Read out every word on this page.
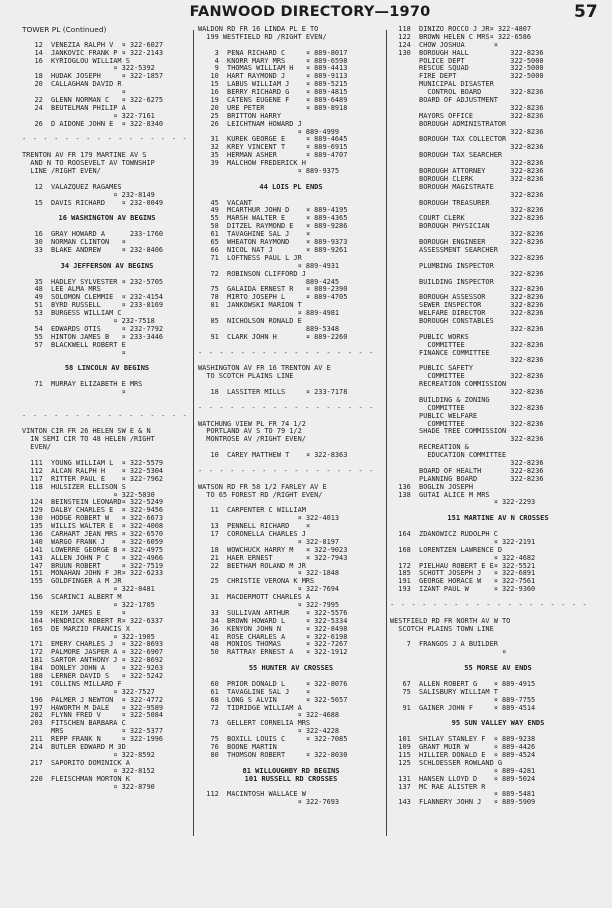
FANWOOD DIRECTORY—1970	57
TOWER PL (Continued)
12  VENEZIA RALPH V  ¤ 322-6027
14  JANKOVIC FRANK P ¤ 322-2143
16  KYRIOGLOU WILLIAM S
¤ 322-5392
18  HUDAK JOSEPH     ¤ 322-1857
20  CALLAGHAN DAVID R
¤
22  GLENN NORMAN C   ¤ 322-6275
24  BEUTELMAN PHILIP A
¤ 322-7161
26  D AIDONE JOHN E  ¤ 322-8340
- - - - - - - - - - - - - - - -
TRENTON AV FR 179 MARTINE AV S
AND N TO ROOSEVELT AV TOWNSHIP
LINE /RIGHT EVEN/
12  VALAZQUEZ RAGAMES
¤ 232-8149
15  DAVIS RICHARD    ¤ 232-0049
16 WASHINGTON AV BEGINS
16  GRAY HOWARD A      233-1760
30  NORMAN CLINTON   ¤
33  BLAKE ANDREW     ¤ 232-8406
34 JEFFERSON AV BEGINS
35  HADLEY SYLVESTER ¤ 232-5705
48  LEE ALMA MRS
49  SOLOMON CLEMMIE  ¤ 232-4154
51  BYRD RUSSELL     ¤ 233-8169
53  BURGESS WILLIAM C
¤ 232-7518
54  EDWARDS OTIS     ¤ 232-7792
55  HINTON JAMES B   ¤ 233-3446
57  BLACKWELL ROBERT E
¤
58 LINCOLN AV BEGINS
71  MURRAY ELIZABETH E MRS
¤
- - - - - - - - - - - - - - - -
VINTON CIR FR 26 HELEN SW E & N
IN SEMI CIR TO 48 HELEN /RIGHT
EVEN/
111  YOUNG WILLIAM L  ¤ 322-5579
112  ALCAN RALPH H    ¤ 322-5304
117  RITTER PAUL E    ¤ 322-7962
118  HULSIZER ELLISON S
¤ 322-5030
124  BEINSTEIN LEONARD¤ 322-5249
129  DALBY CHARLES E  ¤ 322-9456
130  HODGE ROBERT W   ¤ 322-6673
135  WILLIS WALTER E  ¤ 322-4008
136  CARHART JEAN MRS ¤ 322-6570
140  WARGO FRANK J    ¤ 322-6059
141  LOWERRE GEORGE B ¤ 322-4975
143  ALLEN JOHN P C   ¤ 322-4966
147  BRUUN ROBERT     ¤ 322-7519
151  MONAHAN JOHN F JR¤ 322-6233
155  GOLDFINGER A M JR
¤ 322-8481
156  SCARINCI ALBERT M
¤ 322-1705
159  KEIM JAMES E     ¤
164  HENDRICK ROBERT R¤ 322-6337
165  DE MARZIO FRANCIS X
¤ 322-1905
171  EMERY CHARLES J  ¤ 322-8693
172  PALMORE JASPER A ¤ 322-6907
181  SARTOR ANTHONY J ¤ 322-8692
184  DONLEY JOHN A    ¤ 322-9263
188  LERNER DAVID S   ¤ 322-5242
191  COLLINS MILLARD F
¤ 322-7527
196  PALMER J NEWTON  ¤ 322-4772
197  HAWORTH M DALE   ¤ 322-9589
202  FLYNN FRED V     ¤ 322-5084
203  FITSCHEN BARBARA C
MRS              ¤ 322-5377
211  REPP FRANK N     ¤ 322-1996
214  BUTLER EDWARD M 3D
¤ 322-8592
217  SAPORITO DOMINICK A
¤ 322-8152
220  FLEISCHMAN MORTON K
¤ 322-8790
WALDON RD FR 16 LINDA PL E TO
199 WESTFIELD RD /RIGHT EVEN/
3  PENA RICHARD C     ¤ 889-8017
4  KNORR MARY MRS     ¤ 889-6598
9  THOMAS WILLIAM H   ¤ 889-4413
10  HART RAYMOND J     ¤ 889-9113
15  LABUS WILLIAM J    ¤ 889-5215
16  BERRY RICHARD G    ¤ 889-4815
19  CATENS EUGENE F    ¤ 889-6489
20  URE PETER          ¤ 889-8918
25  BRITTON HARRY
26  LEICHTNAM HOWARD J
¤ 889-4999
31  KUREK GEORGE E     ¤ 889-4645
32  KREY VINCENT T     ¤ 889-6915
35  HERMAN ASHER       ¤ 889-4707
39  MALCHOW FREDERICK H
¤ 889-9375
44 LOIS PL ENDS
45  VACANT
49  MCARTHUR JOHN D    ¤ 889-4195
55  MARSH WALTER E     ¤ 889-4365
58  DITZEL RAYMOND E   ¤ 889-9286
61  TAVAGHINE SAL J    ¤
65  WHEATON RAYMOND    ¤ 889-9373
66  NICOL NAT J        ¤ 889-9261
71  LOFTNESS PAUL L JR
¤ 889-4931
72  ROBINSON CLIFFORD J
889-4245
75  GALAIDA ERNEST R   ¤ 889-2390
78  MIRTO JOSEPH L     ¤ 889-4705
81  JANKOWSKI MARION T
¤ 889-4981
85  NICHOLSON RONALD E
889-5348
91  CLARK JOHN H       ¤ 889-2260
- - - - - - - - - - - - - - - - -
WASHINGTON AV FR 16 TRENTON AV E
TO SCOTCH PLAINS LINE
18  LASSITER MILLS     ¤ 233-7178
- - - - - - - - - - - - - - - - -
WATCHUNG VIEW PL FR 74 1/2
PORTLAND AV S TO 79 1/2
MONTROSE AV /RIGHT EVEN/
10  CAREY MATTHEW T    ¤ 322-8363
- - - - - - - - - - - - - - - - -
WATSON RD FR 58 1/2 FARLEY AV E
TO 65 FOREST RD /RIGHT EVEN/
11  CARPENTER C WILLIAM
¤ 322-4013
13  PENNELL RICHARD    ¤
17  CORONELLA CHARLES J
¤ 322-8197
18  WOWCHUCK HARRY M   ¤ 322-9023
21  HAER ERNEST        ¤ 322-7943
22  BEETHAM ROLAND M JR
¤ 322-1848
25  CHRISTIE VERONA K MRS
¤ 322-7694
31  MACDERMOTT CHARLES A
¤ 322-7995
33  SULLIVAN ARTHUR    ¤ 322-5576
34  BROWN HOWARD L     ¤ 322-5334
36  KENYON JOHN N      ¤ 322-8498
41  ROSE CHARLES A     ¤ 322-6198
48  MONIOS THOMAS      ¤ 322-7267
50  RATTRAY ERNEST A   ¤ 322-1912
55 HUNTER AV CROSSES
60  PRIOR DONALD L     ¤ 322-8076
61  TAVAGLINE SAL J    ¤
68  LONG S ALVIN       ¤ 322-5657
72  TIDRIDGE WILLIAM A
¤ 322-4688
73  GELLERT CORNELIA MRS
¤ 322-4228
75  BOXILL LOUIS C     ¤ 322-7085
76  BOONE MARTIN
80  THOMSON ROBERT     ¤ 322-8030
81 WILLOUGHBY RD BEGINS
101 RUSSELL RD CROSSES
112  MACINTOSH WALLACE W
¤ 322-7693
118  DINIZO ROCCO J JR¤ 322-4807
122  BROWN HELEN C MRS¤ 322-6586
124  CHOW JOSHUA       ¤
130  BOROUGH HALL          322-8236
POLICE DEPT           322-5000
RESCUE SQUAD          322-5000
FIRE DEPT             322-5000
MUNICIPAL DISASTER
CONTROL BOARD       322-8236
BOARD OF ADJUSTMENT
322-8236
MAYORS OFFICE         322-8236
BOROUGH ADMINISTRATOR
322-8236
BOROUGH TAX COLLECTOR
322-8236
BOROUGH TAX SEARCHER
322-8236
BOROUGH ATTORNEY      322-8236
BOROUGH CLERK         322-8236
BOROUGH MAGISTRATE
322-8236
BOROUGH TREASURER
322-8236
COURT CLERK           322-8236
BOROUGH PHYSICIAN
322-8236
BOROUGH ENGINEER      322-8236
ASSESSMENT SEARCHER
322-8236
PLUMBING INSPECTOR
322-8236
BUILDING INSPECTOR
322-8236
BOROUGH ASSESSOR      322-8236
SEWER INSPECTOR       322-8236
WELFARE DIRECTOR      322-8236
BOROUGH CONSTABLES
322-8236
PUBLIC WORKS
COMMITTEE           322-8236
FINANCE COMMITTEE
322-8236
PUBLIC SAFETY
COMMITTEE           322-8236
RECREATION COMMISSION
322-8236
BUILDING & ZONING
COMMITTEE           322-8236
PUBLIC WELFARE
COMMITTEE           322-8236
SHADE TREE COMMISSION
322-8236
RECREATION &
EDUCATION COMMITTEE
322-8236
BOARD OF HEALTH       322-8236
PLANNING BOARD        322-8236
136  BOGLIN JOSEPH
138  GUTAI ALICE M MRS
¤ 322-2293
151 MARTINE AV N CROSSES
164  ZDANOWICZ RUDOLPH C
¤ 322-2191
168  LORENTZEN LAWRENCE D
¤ 322-4682
172  PIELHAU ROBERT E E¤ 322-5521
185  SCHOTT JOSEPH J   ¤ 322-6891
191  GEORGE HORACE W   ¤ 322-7561
193  IZANT PAUL W      ¤ 322-9360
- - - - - - - - - - - - - - - - - - -
WESTFIELD RD FR NORTH AV W TO
SCOTCH PLAINS TOWN LINE
7  FRANGOS J A BUILDER
¤
55 MORSE AV ENDS
67  ALLEN ROBERT G    ¤ 889-4915
75  SALISBURY WILLIAM T
¤ 889-7755
91  GAINER JOHN F     ¤ 889-4514
95 SUN VALLEY WAY ENDS
101  SHILAY STANLEY F  ¤ 889-9238
109  GRANT MUIR W      ¤ 889-4426
115  HILLIER DONALD E  ¤ 889-4524
125  SCHLOESSER ROWLAND G
¤ 889-4281
131  HANSEN LLOYD D    ¤ 889-5024
137  MC RAE ALISTER R
¤ 889-5481
143  FLANNERY JOHN J   ¤ 889-5909
